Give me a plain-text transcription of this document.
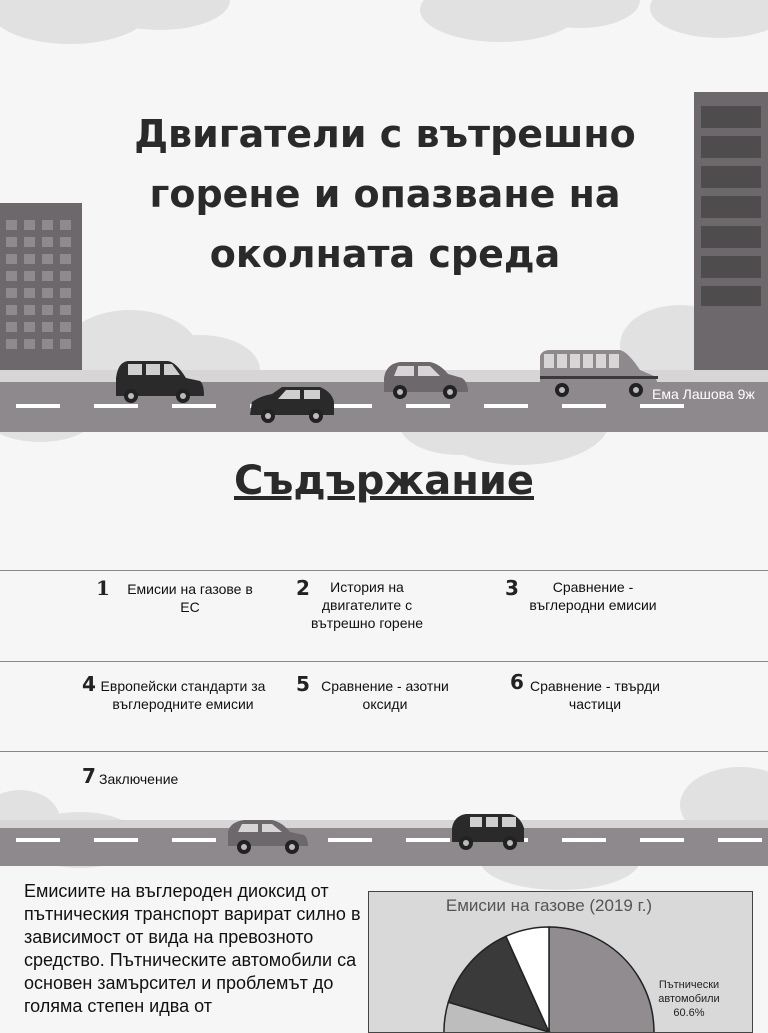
Двигатели с вътрешно горене и опазване на околната среда
Ема Лашова 9ж
Съдържание
1	Емисии на газове в ЕС
2	История на двигателите с вътрешно горене
3	Сравнение - въглеродни емисии
4 Европейски стандарти за въглеродните емисии
5 Сравнение - азотни оксиди
6 Сравнение - твърди частици
7 Заключение
Емисиите на въглероден диоксид от пътническия транспорт варират силно в зависимост от вида на превозното средство. Пътническите автомобили са основен замърсител и проблемът до голяма степен идва от
Емисии на газове (2019 г.)
Пътнически автомобили 60.6%
